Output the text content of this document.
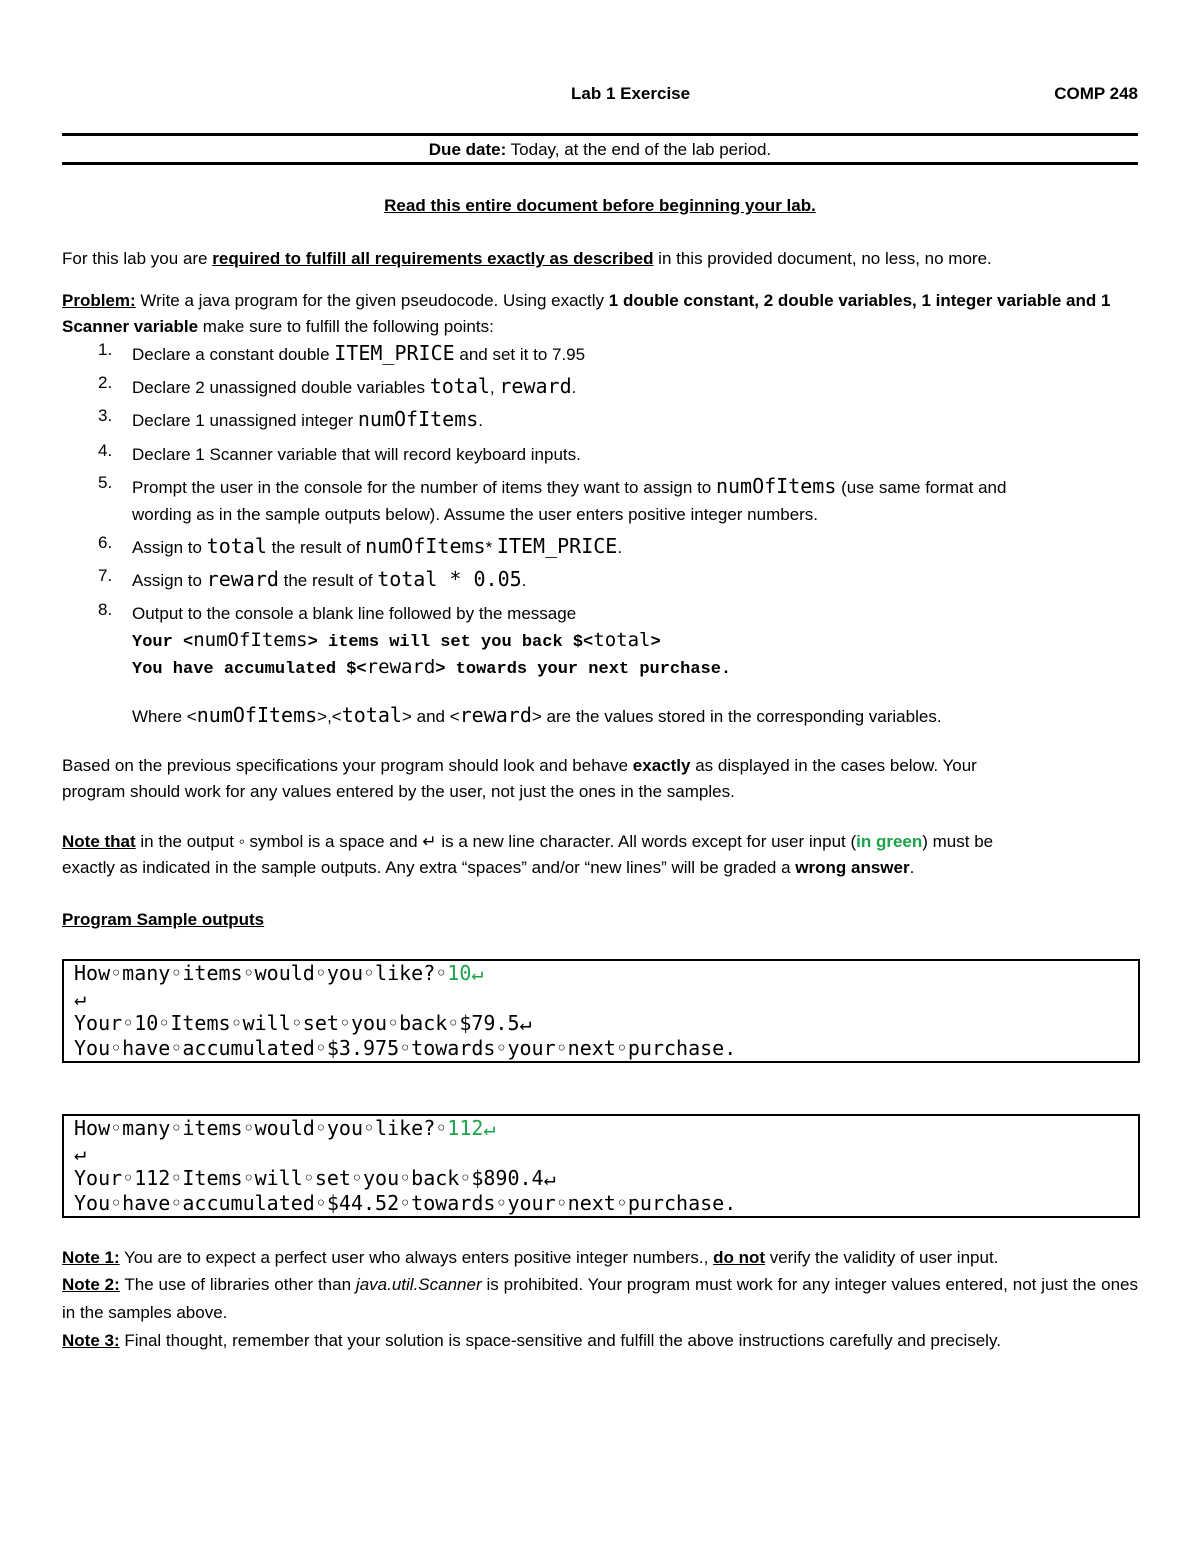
Lab 1 Exercise	COMP 248
Due date: Today, at the end of the lab period.
Read this entire document before beginning your lab.
For this lab you are required to fulfill all requirements exactly as described in this provided document, no less, no more.
Problem: Write a java program for the given pseudocode. Using exactly 1 double constant, 2 double variables, 1 integer variable and 1 Scanner variable make sure to fulfill the following points:
1. Declare a constant double ITEM_PRICE and set it to 7.95
2. Declare 2 unassigned double variables total, reward.
3. Declare 1 unassigned integer numOfItems.
4. Declare 1 Scanner variable that will record keyboard inputs.
5. Prompt the user in the console for the number of items they want to assign to numOfItems (use same format and
wording as in the sample outputs below). Assume the user enters positive integer numbers.
6. Assign to total the result of numOfItems* ITEM_PRICE.
7. Assign to reward the result of total * 0.05.
8. Output to the console a blank line followed by the message
Your <numOfItems> items will set you back $<total>
You have accumulated $<reward> towards your next purchase.
Where <numOfItems>,<total> and <reward> are the values stored in the corresponding variables.
Based on the previous specifications your program should look and behave exactly as displayed in the cases below. Your
program should work for any values entered by the user, not just the ones in the samples.
Note that in the output ◦ symbol is a space and ↵ is a new line character. All words except for user input (in green) must be
exactly as indicated in the sample outputs. Any extra “spaces” and/or “new lines” will be graded a wrong answer.
Program Sample outputs
How◦many◦items◦would◦you◦like?◦10↵
↵
Your◦10◦Items◦will◦set◦you◦back◦$79.5↵
You◦have◦accumulated◦$3.975◦towards◦your◦next◦purchase.
How◦many◦items◦would◦you◦like?◦112↵
↵
Your◦112◦Items◦will◦set◦you◦back◦$890.4↵
You◦have◦accumulated◦$44.52◦towards◦your◦next◦purchase.
Note 1: You are to expect a perfect user who always enters positive integer numbers., do not verify the validity of user input.
Note 2: The use of libraries other than java.util.Scanner is prohibited. Your program must work for any integer values entered, not just the ones in the samples above.
Note 3: Final thought, remember that your solution is space-sensitive and fulfill the above instructions carefully and precisely.
